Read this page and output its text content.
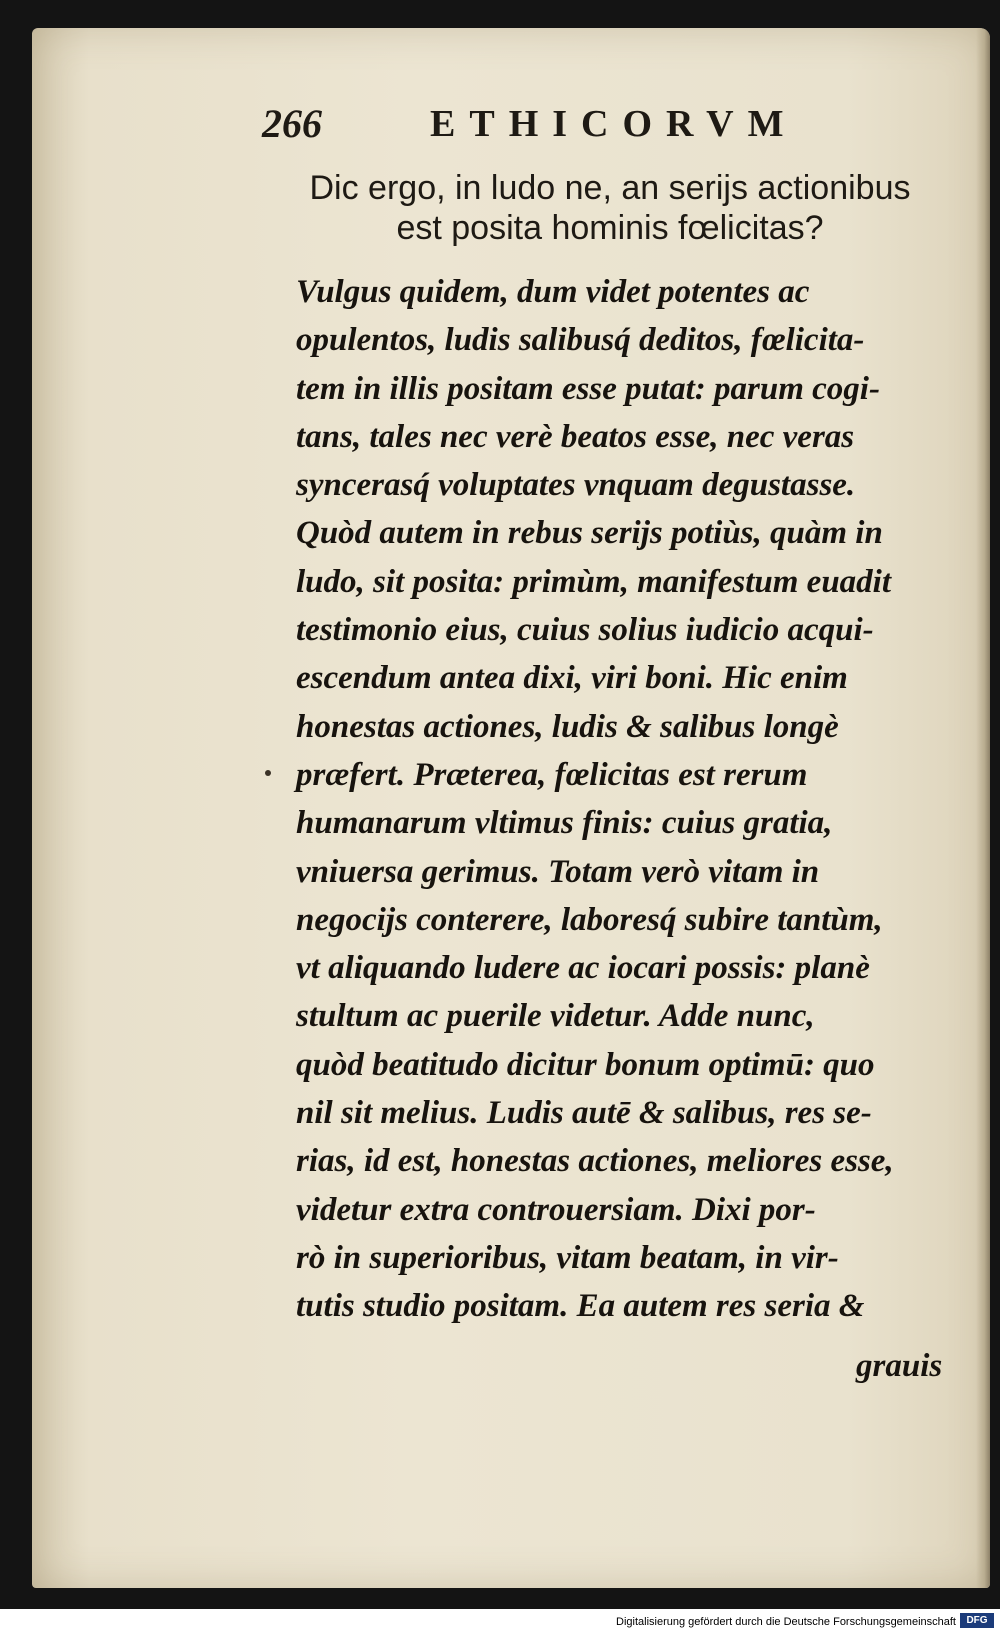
266	ETHICORVM
Dic ergo, in ludo ne, an serijs actionibus
est posita hominis fœlicitas?
Vulgus quidem, dum videt potentes ac
opulentos, ludis salibusq́ deditos, fœlicita-
tem in illis positam esse putat: parum cogi-
tans, tales nec verè beatos esse, nec veras
syncerasq́ voluptates vnquam degustasse.
Quòd autem in rebus serijs potiùs, quàm in
ludo, sit posita: primùm, manifestum euadit
testimonio eius, cuius solius iudicio acqui-
escendum antea dixi, viri boni. Hic enim
honestas actiones, ludis & salibus longè
præfert. Præterea, fœlicitas est rerum
humanarum vltimus finis: cuius gratia,
vniuersa gerimus. Totam verò vitam in
negocijs conterere, laboresq́ subire tantùm,
vt aliquando ludere ac iocari possis: planè
stultum ac puerile videtur. Adde nunc,
quòd beatitudo dicitur bonum optimū: quo
nil sit melius. Ludis autē & salibus, res se-
rias, id est, honestas actiones, meliores esse,
videtur extra controuersiam. Dixi por-
rò in superioribus, vitam beatam, in vir-
tutis studio positam. Ea autem res seria &
grauis
Digitalisierung gefördert durch die Deutsche Forschungsgemeinschaft	DFG
